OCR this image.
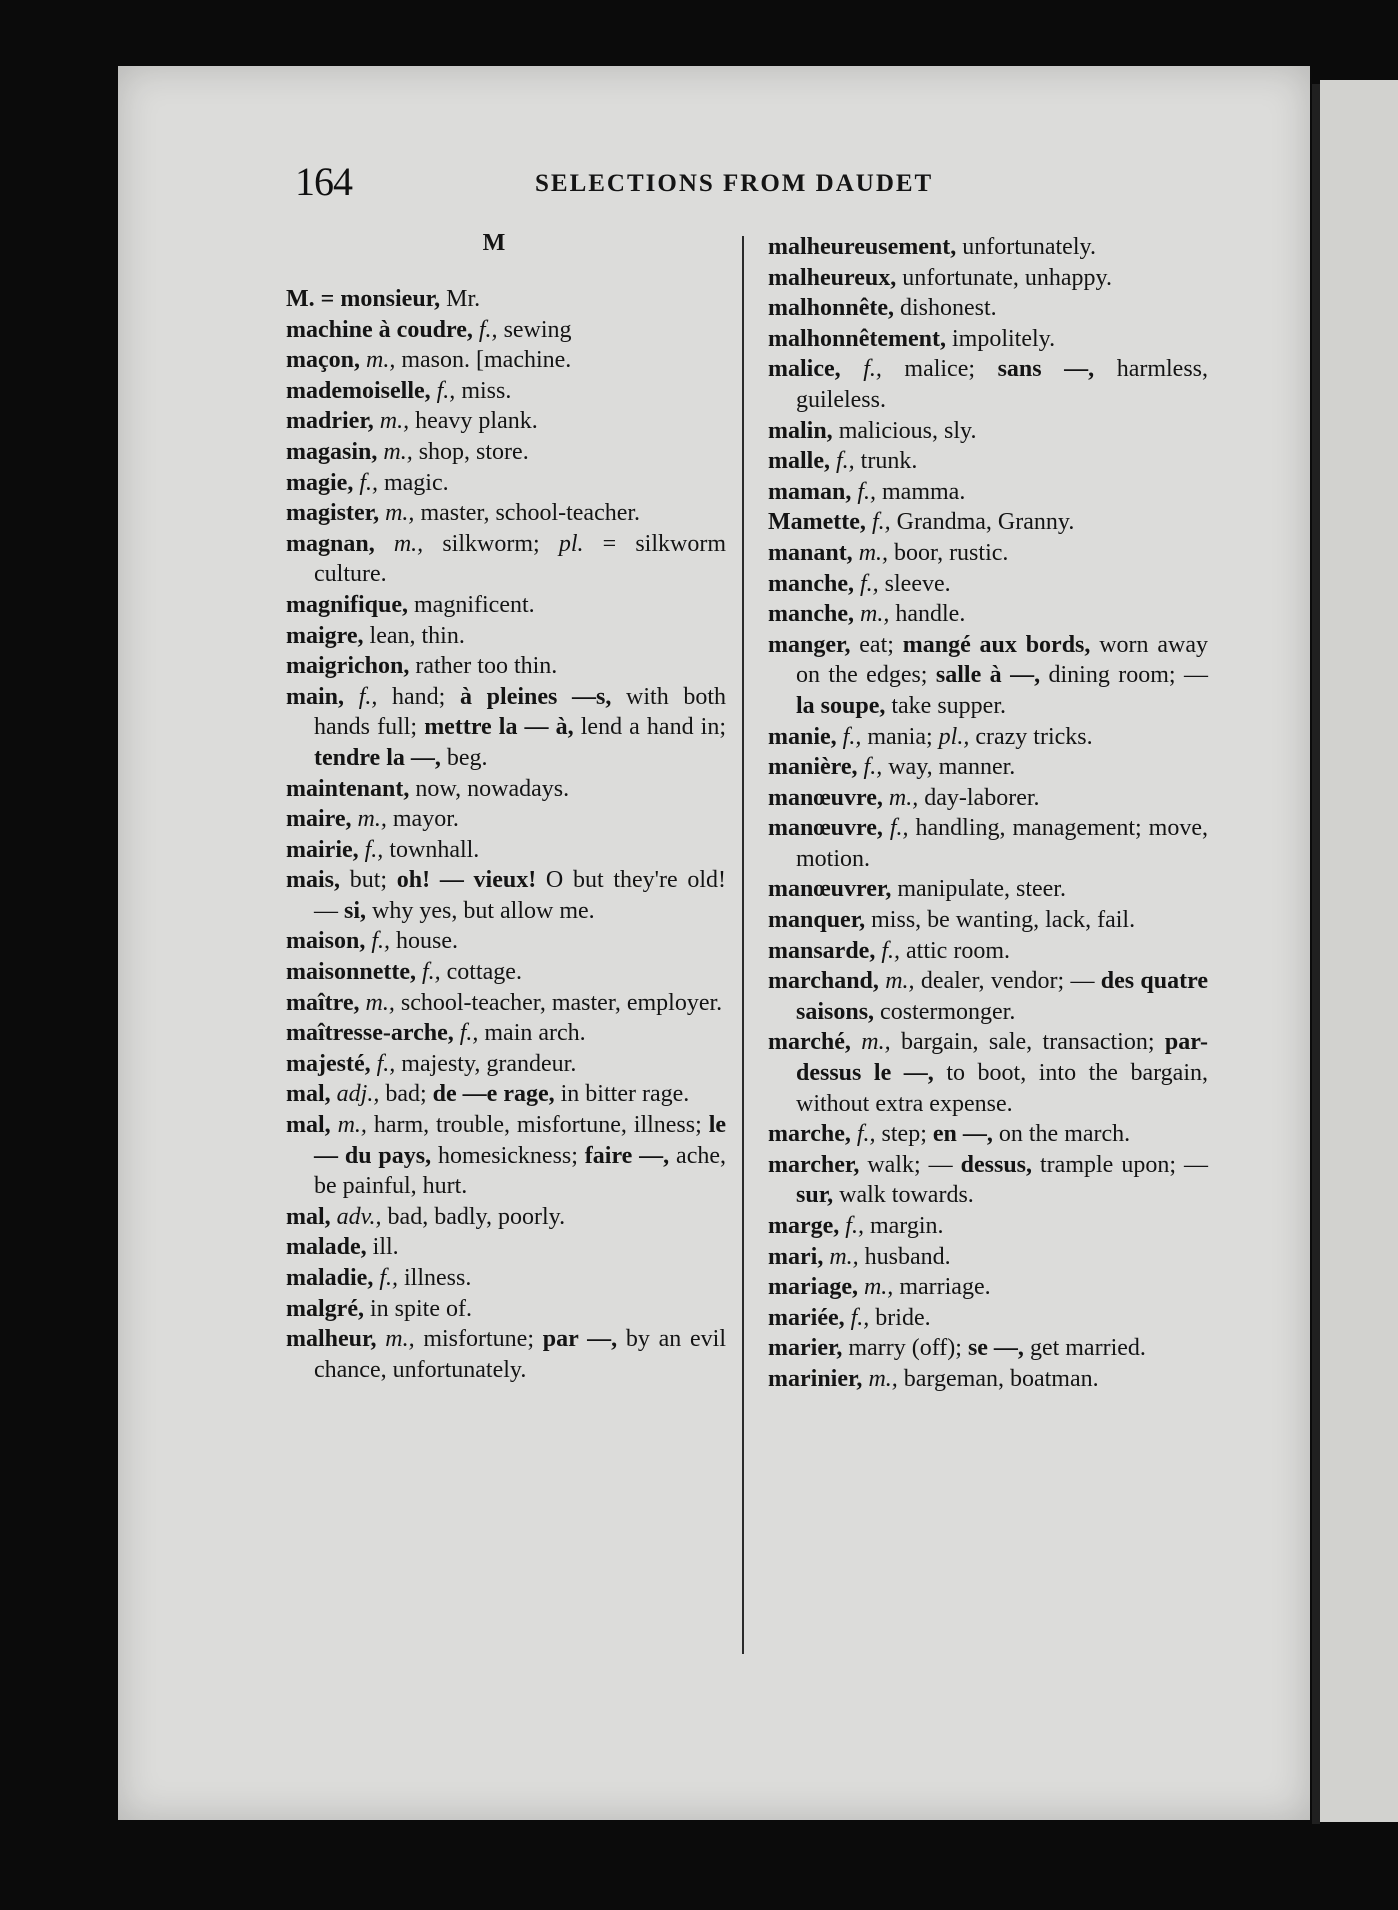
164	SELECTIONS FROM DAUDET
M

M. = monsieur, Mr.

machine à coudre, f., sewing

maçon, m., mason. [machine.

mademoiselle, f., miss.

madrier, m., heavy plank.

magasin, m., shop, store.

magie, f., magic.

magister, m., master, school-teacher.

magnan, m., silkworm; pl. = silkworm culture.

magnifique, magnificent.

maigre, lean, thin.

maigrichon, rather too thin.

main, f., hand; à pleines —s, with both hands full; mettre la — à, lend a hand in; tendre la —, beg.

maintenant, now, nowadays.

maire, m., mayor.

mairie, f., townhall.

mais, but; oh! — vieux! O but they're old! — si, why yes, but allow me.

maison, f., house.

maisonnette, f., cottage.

maître, m., school-teacher, master, employer.

maîtresse-arche, f., main arch.

majesté, f., majesty, grandeur.

mal, adj., bad; de —e rage, in bitter rage.

mal, m., harm, trouble, misfortune, illness; le — du pays, homesickness; faire —, ache, be painful, hurt.

mal, adv., bad, badly, poorly.

malade, ill.

maladie, f., illness.

malgré, in spite of.

malheur, m., misfortune; par —, by an evil chance, unfortunately.

malheureusement, unfortunately.

malheureux, unfortunate, unhappy.

malhonnête, dishonest.

malhonnêtement, impolitely.

malice, f., malice; sans —, harmless, guileless.

malin, malicious, sly.

malle, f., trunk.

maman, f., mamma.

Mamette, f., Grandma, Granny.

manant, m., boor, rustic.

manche, f., sleeve.

manche, m., handle.

manger, eat; mangé aux bords, worn away on the edges; salle à —, dining room; — la soupe, take supper.

manie, f., mania; pl., crazy tricks.

manière, f., way, manner.

manœuvre, m., day-laborer.

manœuvre, f., handling, management; move, motion.

manœuvrer, manipulate, steer.

manquer, miss, be wanting, lack, fail.

mansarde, f., attic room.

marchand, m., dealer, vendor; — des quatre saisons, costermonger.

marché, m., bargain, sale, transaction; par-dessus le —, to boot, into the bargain, without extra expense.

marche, f., step; en —, on the march.

marcher, walk; — dessus, trample upon; — sur, walk towards.

marge, f., margin.

mari, m., husband.

mariage, m., marriage.

mariée, f., bride.

marier, marry (off); se —, get married.

marinier, m., bargeman, boatman.
